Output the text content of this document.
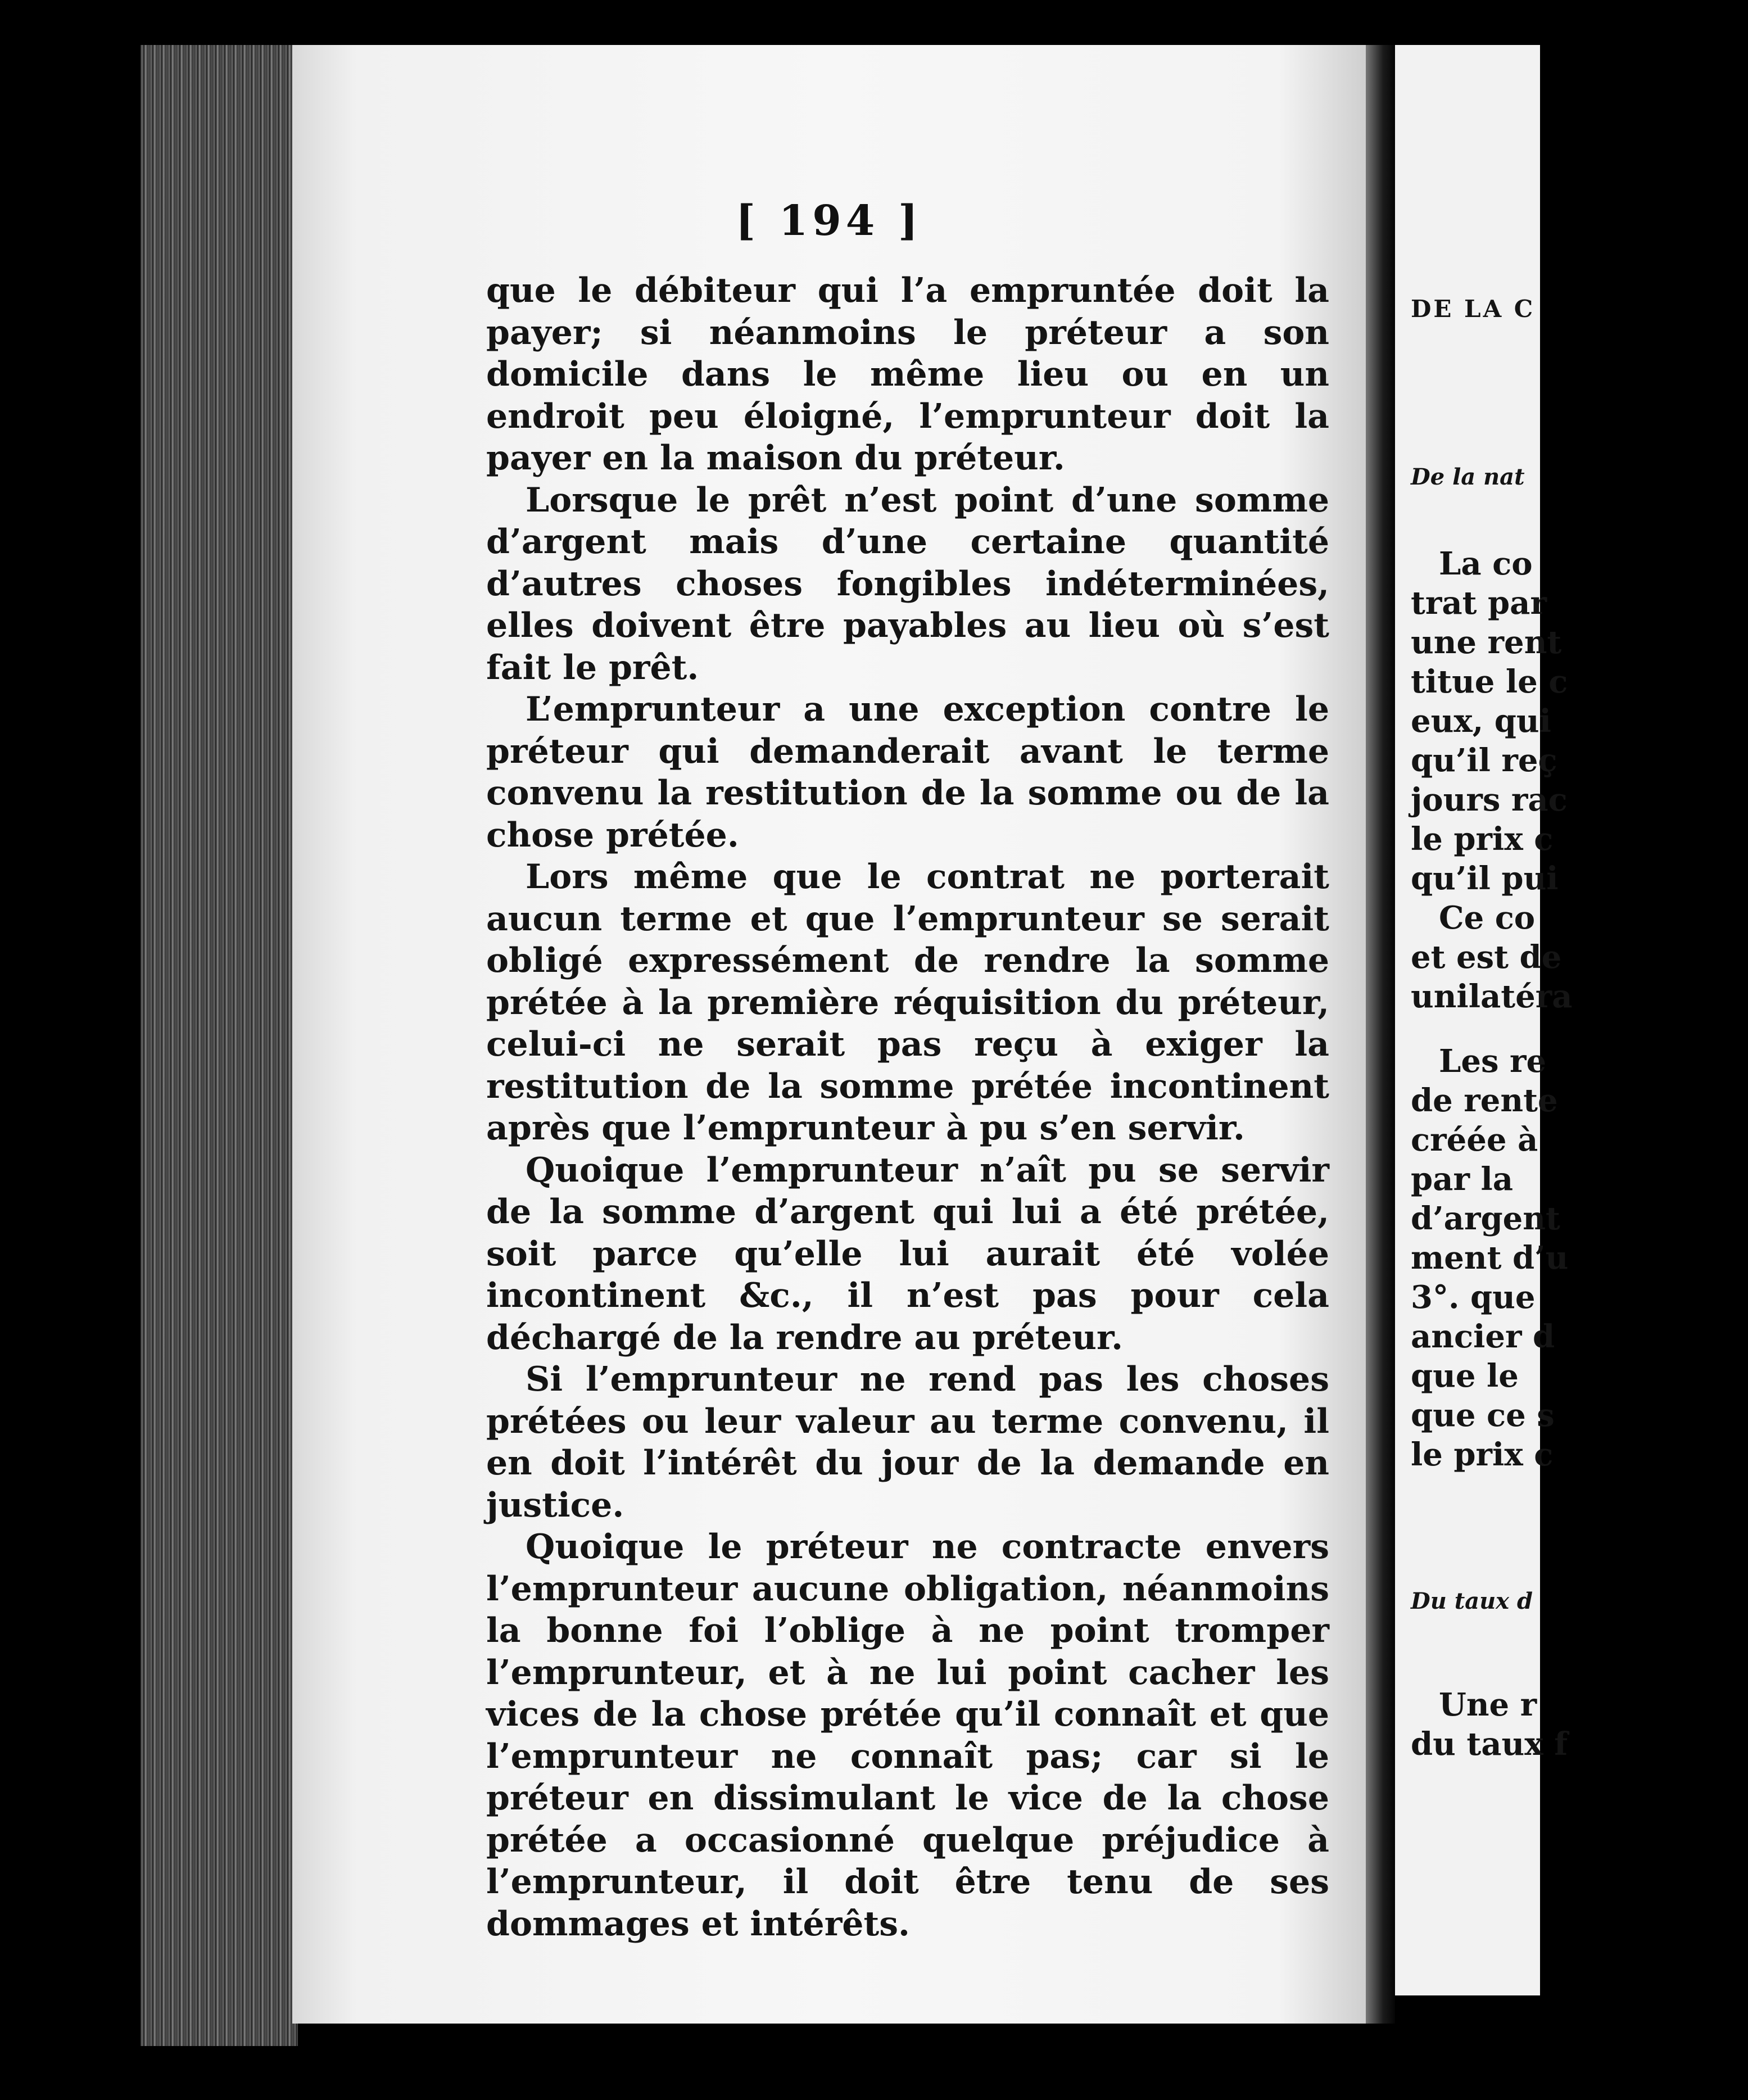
[ 194 ]

que le débiteur qui l’a empruntée doit la payer; si néanmoins le préteur a son domicile dans le même lieu ou en un endroit peu éloigné, l’emprunteur doit la payer en la maison du préteur.

Lorsque le prêt n’est point d’une somme d’argent mais d’une certaine quantité d’autres choses fongibles indéterminées, elles doivent être payables au lieu où s’est fait le prêt.

L’emprunteur a une exception contre le préteur qui demanderait avant le terme convenu la restitution de la somme ou de la chose prétée.

Lors même que le contrat ne porterait aucun terme et que l’emprunteur se serait obligé expressément de rendre la somme prétée à la première réquisition du préteur, celui-ci ne serait pas reçu à exiger la restitution de la somme prétée incontinent après que l’emprunteur à pu s’en servir.

Quoique l’emprunteur n’aît pu se servir de la somme d’argent qui lui a été prétée, soit parce qu’elle lui aurait été volée incontinent &c., il n’est pas pour cela déchargé de la rendre au préteur.

Si l’emprunteur ne rend pas les choses prétées ou leur valeur au terme convenu, il en doit l’intérêt du jour de la demande en justice.

Quoique le préteur ne contracte envers l’emprunteur aucune obligation, néanmoins la bonne foi l’oblige à ne point tromper l’emprunteur, et à ne lui point cacher les vices de la chose prétée qu’il connaît et que l’emprunteur ne connaît pas; car si le préteur en dissimulant le vice de la chose prétée a occasionné quelque préjudice à l’emprunteur, il doit être tenu de ses dommages et intérêts.

DE LA C
De la nat
La co
trat par
une rent
titue le c
eux, qui
qu’il reç
jours rac
le prix c
qu’il pui
Ce co
et est de
unilatéra
Les re
de rente
créée à
par la
d’argent
ment d’u
3°. que
ancier d
que le
que ce s
le prix c
Du taux d
Une r
du taux f
